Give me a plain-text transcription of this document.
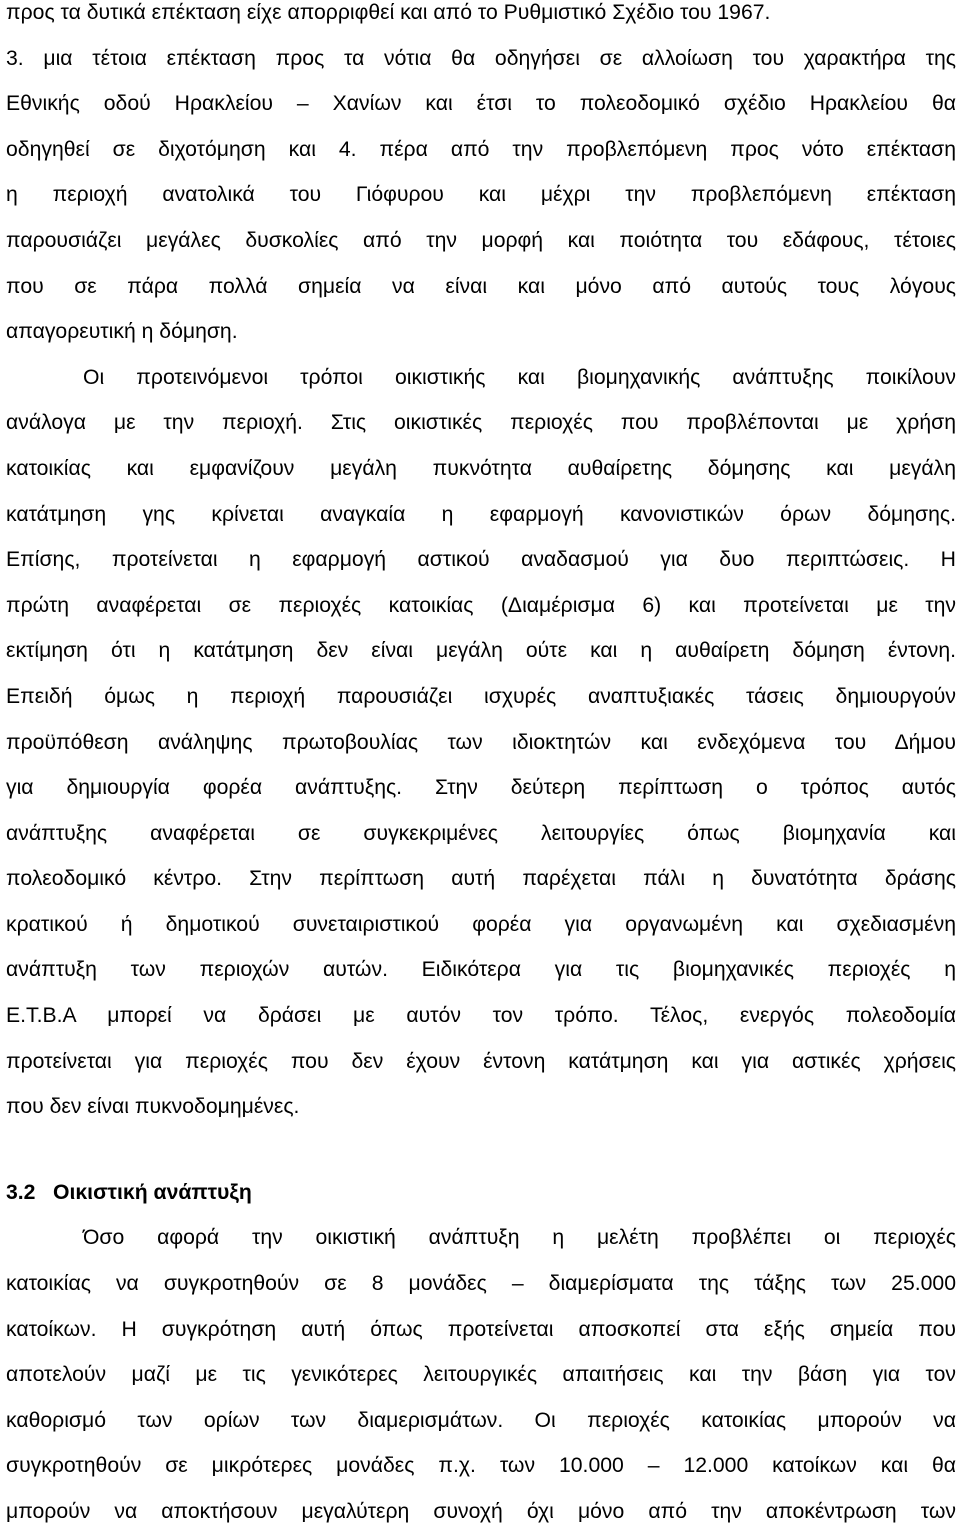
προς τα δυτικά επέκταση είχε απορριφθεί και από το Ρυθμιστικό Σχέδιο του 1967.
3. μια τέτοια επέκταση προς τα νότια θα οδηγήσει σε αλλοίωση του χαρακτήρα της
Εθνικής οδού Ηρακλείου – Χανίων και έτσι το πολεοδομικό σχέδιο Ηρακλείου θα
οδηγηθεί σε διχοτόμηση και 4. πέρα από την προβλεπόμενη προς νότο επέκταση
η περιοχή ανατολικά του Γιόφυρου και μέχρι την προβλεπόμενη επέκταση
παρουσιάζει μεγάλες δυσκολίες από την μορφή και ποιότητα του εδάφους, τέτοιες
που σε πάρα πολλά σημεία να είναι και μόνο από αυτούς τους λόγους
απαγορευτική η δόμηση.
Οι προτεινόμενοι τρόποι οικιστικής και βιομηχανικής ανάπτυξης ποικίλουν
ανάλογα με την περιοχή. Στις οικιστικές περιοχές που προβλέπονται με χρήση
κατοικίας και εμφανίζουν μεγάλη πυκνότητα αυθαίρετης δόμησης και μεγάλη
κατάτμηση γης κρίνεται αναγκαία η εφαρμογή κανονιστικών όρων δόμησης.
Επίσης, προτείνεται η εφαρμογή αστικού αναδασμού για δυο περιπτώσεις. Η
πρώτη αναφέρεται σε περιοχές κατοικίας (Διαμέρισμα 6) και προτείνεται με την
εκτίμηση ότι η κατάτμηση δεν είναι μεγάλη ούτε και η αυθαίρετη δόμηση έντονη.
Επειδή όμως η περιοχή παρουσιάζει ισχυρές αναπτυξιακές τάσεις δημιουργούν
προϋπόθεση ανάληψης πρωτοβουλίας των ιδιοκτητών και ενδεχόμενα του Δήμου
για δημιουργία φορέα ανάπτυξης. Στην δεύτερη περίπτωση ο τρόπος αυτός
ανάπτυξης αναφέρεται σε συγκεκριμένες λειτουργίες όπως βιομηχανία και
πολεοδομικό κέντρο. Στην περίπτωση αυτή παρέχεται πάλι η δυνατότητα δράσης
κρατικού ή δημοτικού συνεταιριστικού φορέα για οργανωμένη και σχεδιασμένη
ανάπτυξη των περιοχών αυτών. Ειδικότερα για τις βιομηχανικές περιοχές η
Ε.Τ.Β.Α μπορεί να δράσει με αυτόν τον τρόπο. Τέλος, ενεργός πολεοδομία
προτείνεται για περιοχές που δεν έχουν έντονη κατάτμηση και για αστικές χρήσεις
που δεν είναι πυκνοδομημένες.
3.2 Οικιστική ανάπτυξη
Όσο αφορά την οικιστική ανάπτυξη η μελέτη προβλέπει οι περιοχές
κατοικίας να συγκροτηθούν σε 8 μονάδες – διαμερίσματα της τάξης των 25.000
κατοίκων. Η συγκρότηση αυτή όπως προτείνεται αποσκοπεί στα εξής σημεία που
αποτελούν μαζί με τις γενικότερες λειτουργικές απαιτήσεις και την βάση για τον
καθορισμό των ορίων των διαμερισμάτων. Οι περιοχές κατοικίας μπορούν να
συγκροτηθούν σε μικρότερες μονάδες π.χ. των 10.000 – 12.000 κατοίκων και θα
μπορούν να αποκτήσουν μεγαλύτερη συνοχή όχι μόνο από την αποκέντρωση των
